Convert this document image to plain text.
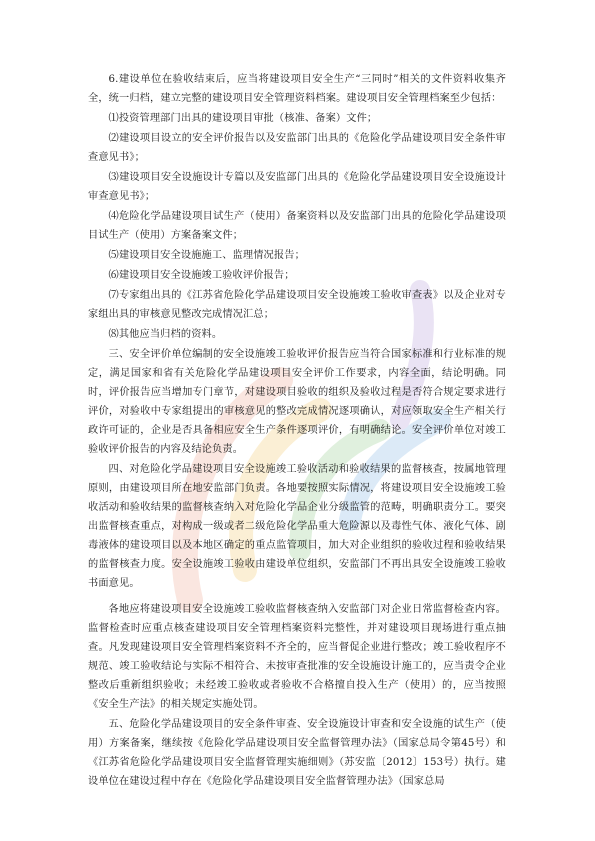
6.建设单位在验收结束后，应当将建设项目安全生产“三同时”相关的文件资料收集齐全，统一归档，建立完整的建设项目安全管理资料档案。建设项目安全管理档案至少包括：

⑴投资管理部门出具的建设项目审批（核准、备案）文件；

⑵建设项目设立的安全评价报告以及安监部门出具的《危险化学品建设项目安全条件审查意见书》；

⑶建设项目安全设施设计专篇以及安监部门出具的《危险化学品建设项目安全设施设计审查意见书》；

⑷危险化学品建设项目试生产（使用）备案资料以及安监部门出具的危险化学品建设项目试生产（使用）方案备案文件；

⑸建设项目安全设施施工、监理情况报告；

⑹建设项目安全设施竣工验收评价报告；

⑺专家组出具的《江苏省危险化学品建设项目安全设施竣工验收审查表》以及企业对专家组出具的审核意见整改完成情况汇总；

⑻其他应当归档的资料。

三、安全评价单位编制的安全设施竣工验收评价报告应当符合国家标准和行业标准的规定，满足国家和省有关危险化学品建设项目安全评价工作要求，内容全面，结论明确。同时，评价报告应当增加专门章节，对建设项目验收的组织及验收过程是否符合规定要求进行评价，对验收中专家组提出的审核意见的整改完成情况逐项确认，对应领取安全生产相关行政许可证的，企业是否具备相应安全生产条件逐项评价，有明确结论。安全评价单位对竣工验收评价报告的内容及结论负责。

四、对危险化学品建设项目安全设施竣工验收活动和验收结果的监督核查，按属地管理原则，由建设项目所在地安监部门负责。各地要按照实际情况，将建设项目安全设施竣工验收活动和验收结果的监督核查纳入对危险化学品企业分级监管的范畴，明确职责分工。要突出监督核查重点，对构成一级或者二级危险化学品重大危险源以及毒性气体、液化气体、剧毒液体的建设项目以及本地区确定的重点监管项目，加大对企业组织的验收过程和验收结果的监督核查力度。安全设施竣工验收由建设单位组织，安监部门不再出具安全设施竣工验收书面意见。

各地应将建设项目安全设施竣工验收监督核查纳入安监部门对企业日常监督检查内容。监督检查时应重点核查建设项目安全管理档案资料完整性，并对建设项目现场进行重点抽查。凡发现建设项目安全管理档案资料不齐全的，应当督促企业进行整改；竣工验收程序不规范、竣工验收结论与实际不相符合、未按审查批准的安全设施设计施工的，应当责令企业整改后重新组织验收；未经竣工验收或者验收不合格擅自投入生产（使用）的，应当按照《安全生产法》的相关规定实施处罚。

五、危险化学品建设项目的安全条件审查、安全设施设计审查和安全设施的试生产（使用）方案备案，继续按《危险化学品建设项目安全监督管理办法》（国家总局令第45号）和《江苏省危险化学品建设项目安全监督管理实施细则》（苏安监〔2012〕153号）执行。建设单位在建设过程中存在《危险化学品建设项目安全监督管理办法》（国家总局
